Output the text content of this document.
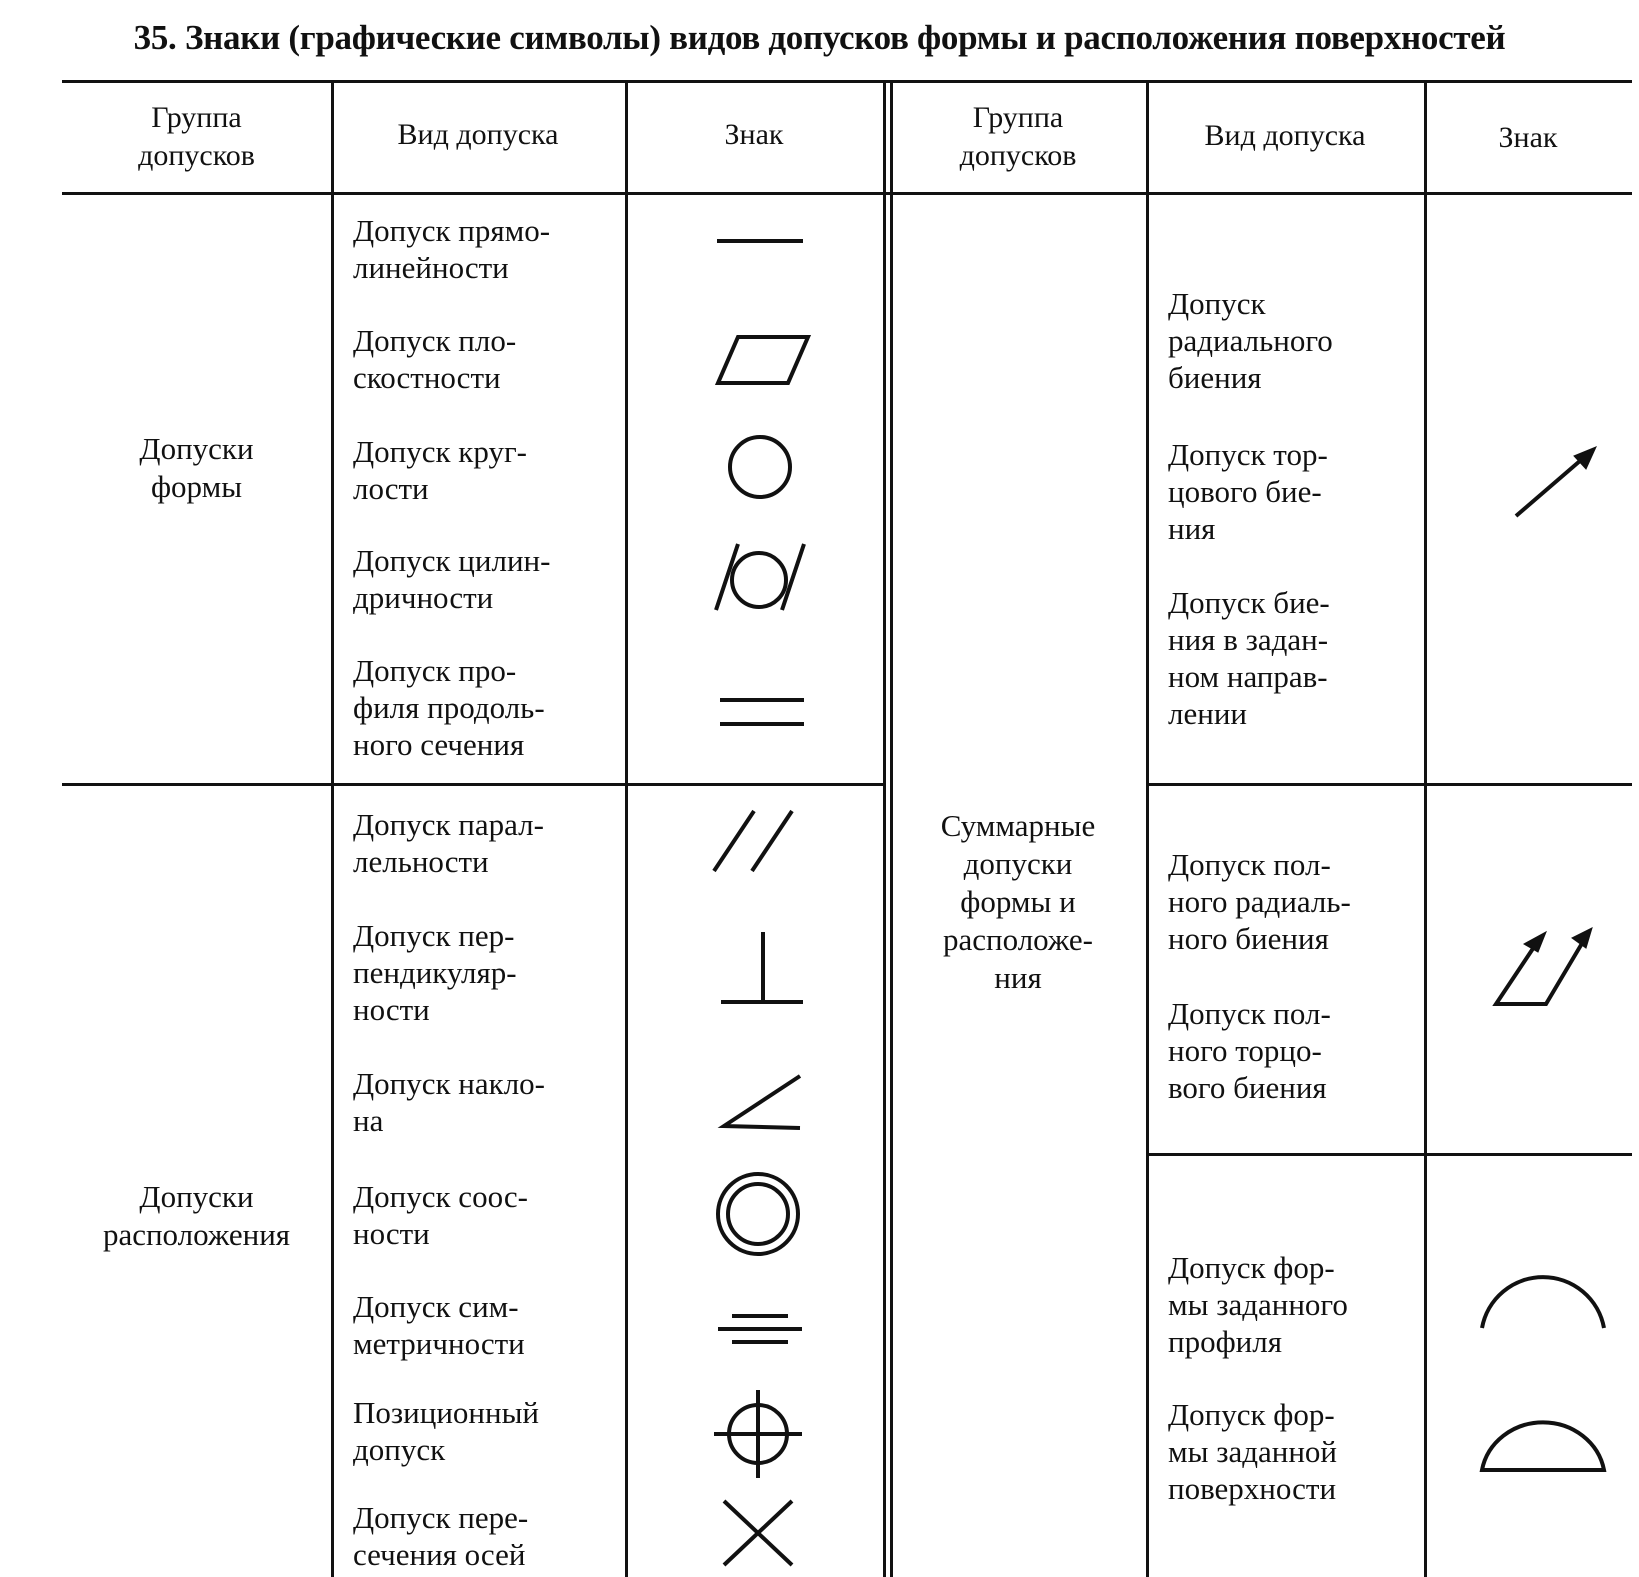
35. Знаки (графические символы) видов допусков формы и расположения поверхностей
Группа
допусков
Вид допуска	Знак
Группа
допусков
Вид допуска	Знак
Допуски
формы
Допуски
расположения
Суммарные
допуски
формы и
расположе-
ния
Допуск прямо-
линейности
Допуск пло-
скостности
Допуск круг-
лости
Допуск цилин-
дричности
Допуск про-
филя продоль-
ного сечения
Допуск парал-
лельности
Допуск пер-
пендикуляр-
ности
Допуск накло-
на
Допуск соос-
ности
Допуск сим-
метричности
Позиционный
допуск
Допуск пере-
сечения осей
Допуск
радиального
биения
Допуск тор-
цового бие-
ния
Допуск бие-
ния в задан-
ном направ-
лении
Допуск пол-
ного радиаль-
ного биения
Допуск пол-
ного торцо-
вого биения
Допуск фор-
мы заданного
профиля
Допуск фор-
мы заданной
поверхности
